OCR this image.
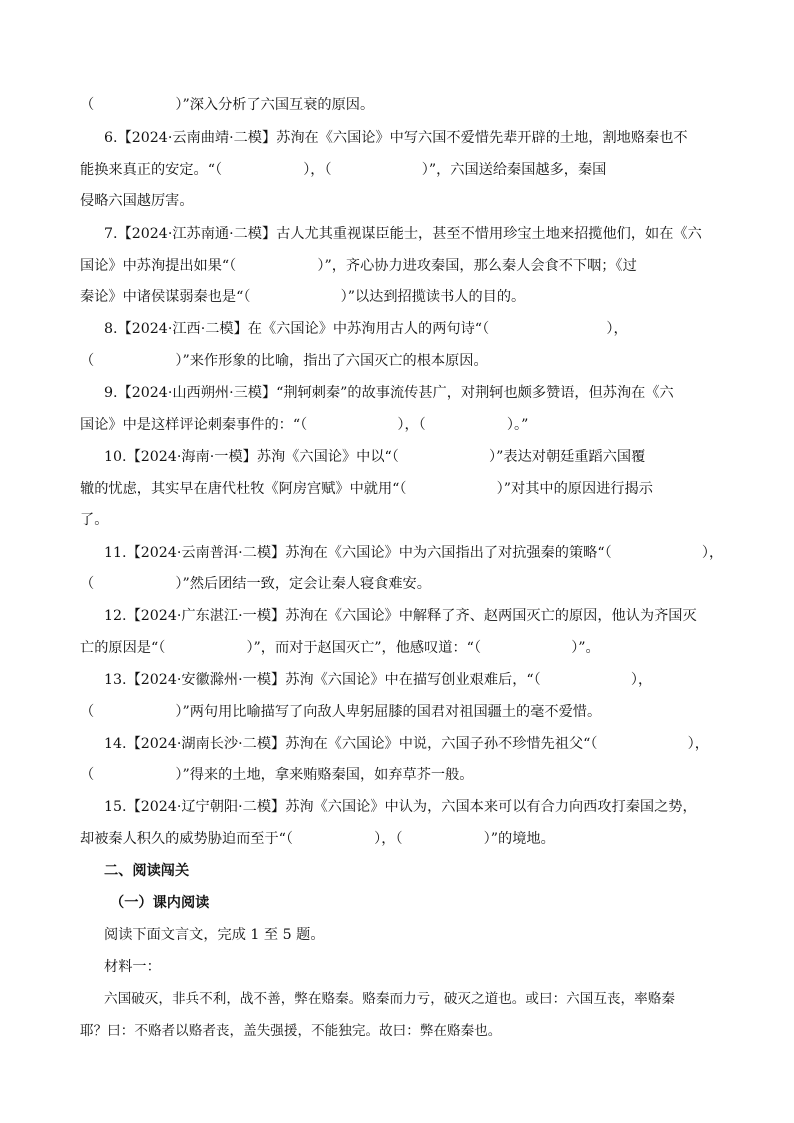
（                  ）”深入分析了六国互衰的原因。
6.【2024·云南曲靖·二模】苏洵在《六国论》中写六国不爱惜先辈开辟的土地，割地赂秦也不
能换来真正的安定。“（                  ），（                    ）”，六国送给秦国越多，秦国
侵略六国越厉害。
7.【2024·江苏南通·二模】古人尤其重视谋臣能士，甚至不惜用珍宝土地来招揽他们，如在《六
国论》中苏洵提出如果“（                  ）”，齐心协力进攻秦国，那么秦人会食不下咽；《过
秦论》中诸侯谋弱秦也是“（                    ）”以达到招揽读书人的目的。
8.【2024·江西·二模】在《六国论》中苏洵用古人的两句诗“（                          ），
（                  ）”来作形象的比喻，指出了六国灭亡的根本原因。
9.【2024·山西朔州·三模】“荆轲刺秦”的故事流传甚广，对荆轲也颇多赞语，但苏洵在《六
国论》中是这样评论刺秦事件的：“（                    ），（                  ）。”
10.【2024·海南·一模】苏洵《六国论》中以“（                    ）”表达对朝廷重蹈六国覆
辙的忧虑，其实早在唐代杜牧《阿房宫赋》中就用“（                    ）”对其中的原因进行揭示
了。
11.【2024·云南普洱·二模】苏洵在《六国论》中为六国指出了对抗强秦的策略“（                    ），
（                  ）”然后团结一致，定会让秦人寝食难安。
12.【2024·广东湛江·一模】苏洵在《六国论》中解释了齐、赵两国灭亡的原因，他认为齐国灭
亡的原因是“（                  ）”，而对于赵国灭亡”，他感叹道：“（                    ）”。
13.【2024·安徽滁州·一模】苏洵《六国论》中在描写创业艰难后，“（                    ），
（                  ）”两句用比喻描写了向敌人卑躬屈膝的国君对祖国疆土的毫不爱惜。
14.【2024·湖南长沙·二模】苏洵在《六国论》中说，六国子孙不珍惜先祖父“（                    ），
（                  ）”得来的土地，拿来贿赂秦国，如弃草芥一般。
15.【2024·辽宁朝阳·二模】苏洵《六国论》中认为，六国本来可以有合力向西攻打秦国之势，
却被秦人积久的威势胁迫而至于“（                  ），（                  ）”的境地。
二、阅读闯关
（一）课内阅读
阅读下面文言文，完成 1 至 5 题。
材料一：
六国破灭，非兵不利，战不善，弊在赂秦。赂秦而力亏，破灭之道也。或曰：六国互丧，率赂秦
耶？曰：不赂者以赂者丧，盖失强援，不能独完。故曰：弊在赂秦也。
